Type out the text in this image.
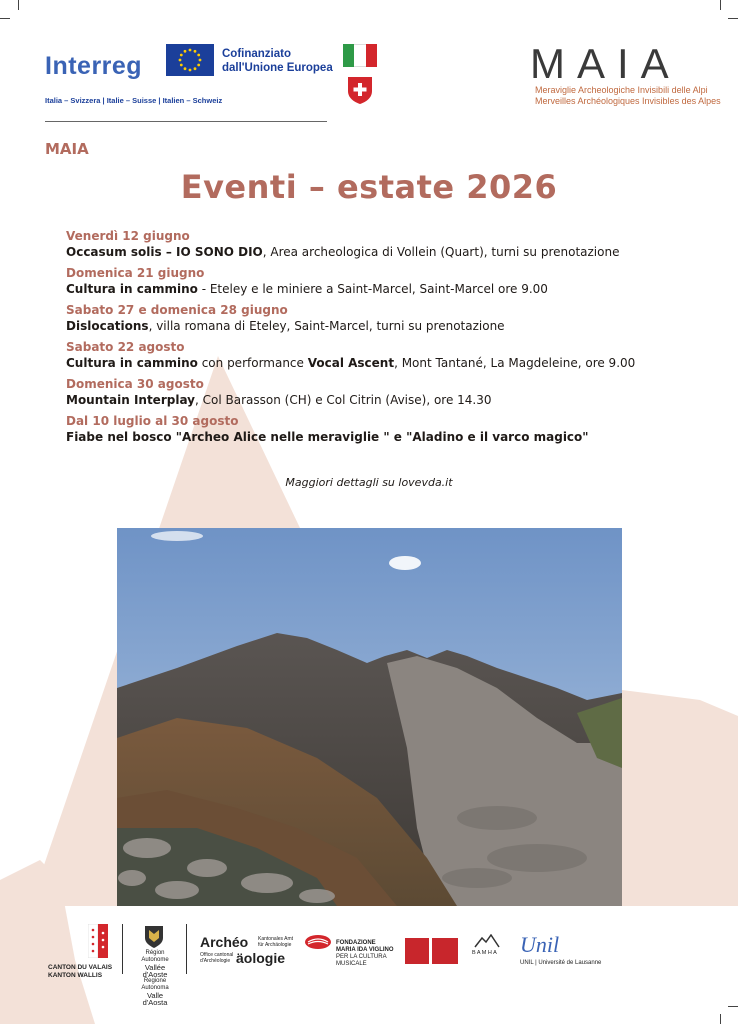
Interreg	Cofinanziato
dall'Unione Europea
Italia – Svizzera | Italie – Suisse | Italien – Schweiz
MAIA
Meraviglie Archeologiche Invisibili delle Alpi
Merveilles Archéologiques Invisibles des Alpes
MAIA
Eventi – estate 2026
Venerdì 12 giugno
Occasum solis – IO SONO DIO, Area archeologica di Vollein (Quart), turni su prenotazione
Domenica 21 giugno
Cultura in cammino - Eteley e le miniere a Saint-Marcel, Saint-Marcel ore 9.00
Sabato 27 e domenica 28 giugno
Dislocations, villa romana di Eteley, Saint-Marcel, turni su prenotazione
Sabato 22 agosto
Cultura in cammino con performance Vocal Ascent, Mont Tantané, La Magdeleine, ore 9.00
Domenica 30 agosto
Mountain Interplay, Col Barasson (CH) e Col Citrin (Avise), ore 14.30
Dal 10 luglio al 30 agosto
Fiabe nel bosco "Archeo Alice nelle meraviglie " e "Aladino e il varco magico"
Maggiori dettagli su lovevda.it
CANTON DU VALAIS
KANTON WALLIS
Région Autonome
Vallée d'Aoste
Regione Autonoma
Valle d'Aosta
Archéo
äologie
Kantonales Amt
für Archäologie
Office cantonal
d'Archéologie
FONDAZIONE
MARIA IDA VIGLINO
PER LA CULTURA
MUSICALE
B A M H A Unil
UNIL | Université de Lausanne
